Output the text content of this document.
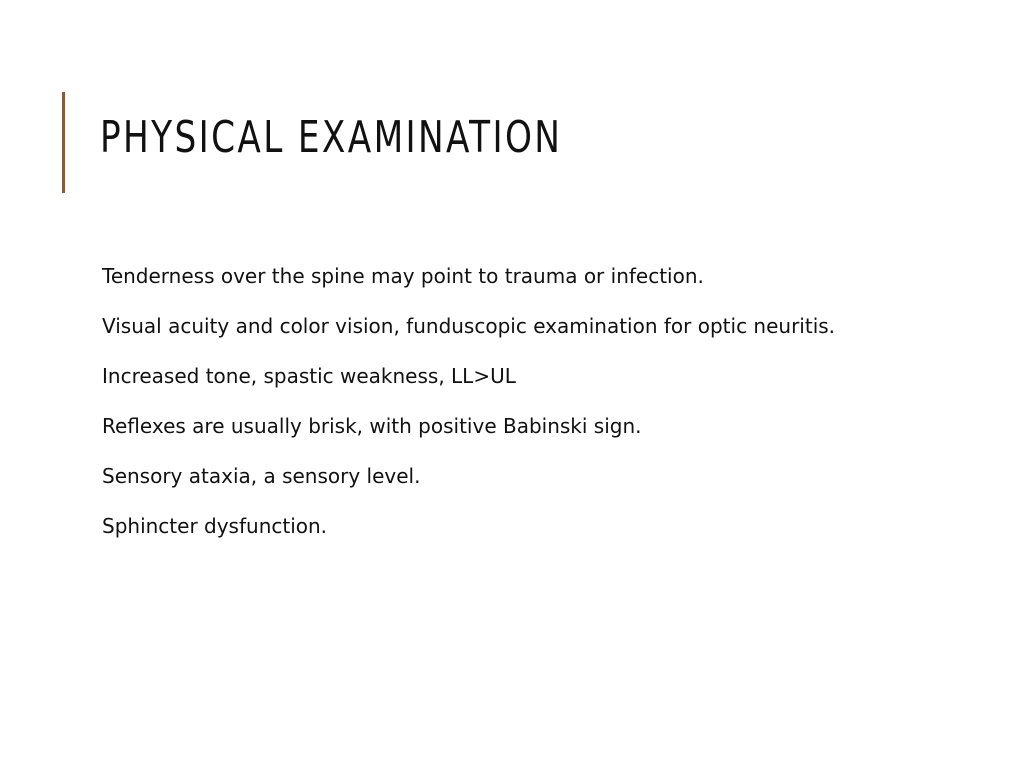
PHYSICAL EXAMINATION

Tenderness over the spine may point to trauma or infection.

Visual acuity and color vision, funduscopic examination for optic neuritis.

Increased tone, spastic weakness, LL>UL

Reflexes are usually brisk, with positive Babinski sign.

Sensory ataxia, a sensory level.

Sphincter dysfunction.
